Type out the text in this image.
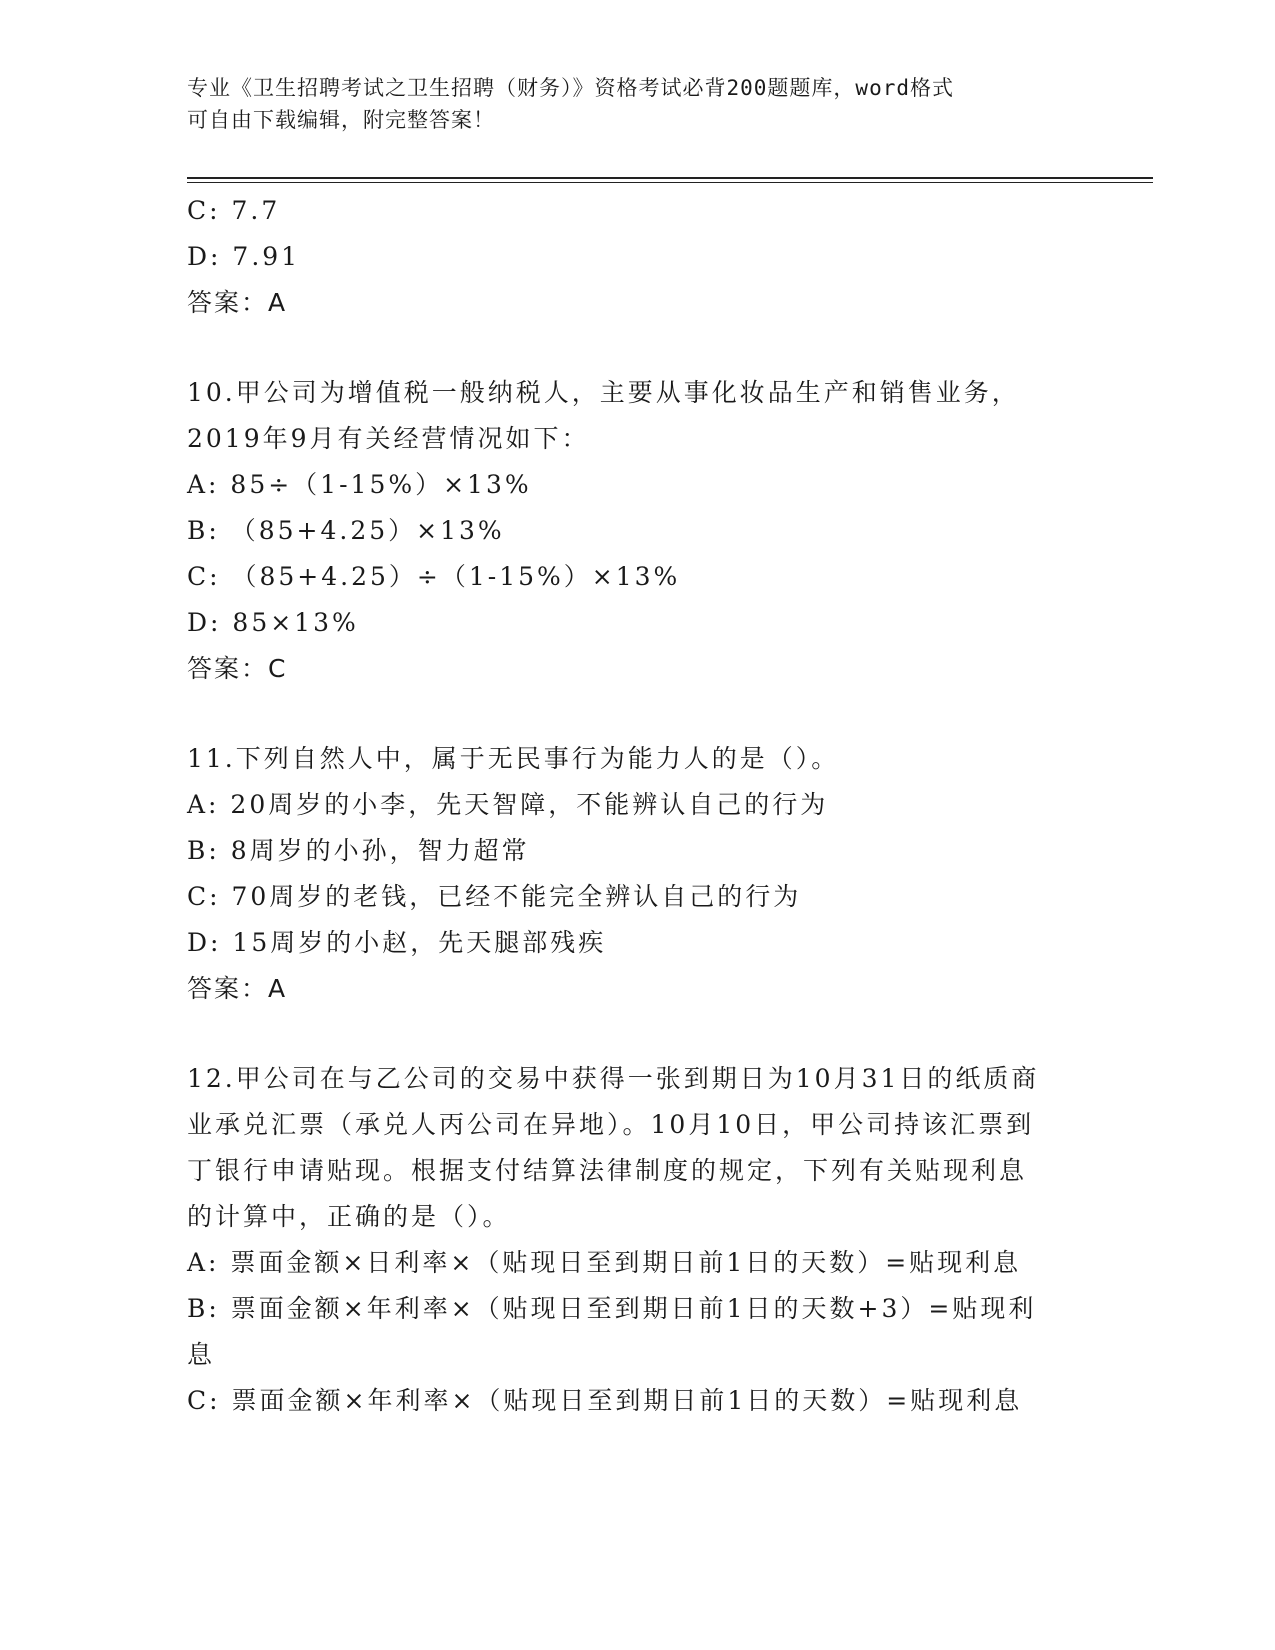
专业《卫生招聘考试之卫生招聘（财务）》资格考试必背200题题库，word格式
可自由下载编辑，附完整答案！
C: 7.7
D: 7.91
答案：A
10.甲公司为增值税一般纳税人，主要从事化妆品生产和销售业务，
2019年9月有关经营情况如下：
A: 85÷（1-15%）×13%
B: （85+4.25）×13%
C: （85+4.25）÷（1-15%）×13%
D: 85×13%
答案：C
11.下列自然人中，属于无民事行为能力人的是（）。
A: 20周岁的小李，先天智障，不能辨认自己的行为
B: 8周岁的小孙，智力超常
C: 70周岁的老钱，已经不能完全辨认自己的行为
D: 15周岁的小赵，先天腿部残疾
答案：A
12.甲公司在与乙公司的交易中获得一张到期日为10月31日的纸质商
业承兑汇票（承兑人丙公司在异地）。10月10日，甲公司持该汇票到
丁银行申请贴现。根据支付结算法律制度的规定，下列有关贴现利息
的计算中，正确的是（）。
A: 票面金额×日利率×（贴现日至到期日前1日的天数）=贴现利息
B: 票面金额×年利率×（贴现日至到期日前1日的天数+3）=贴现利
息
C: 票面金额×年利率×（贴现日至到期日前1日的天数）=贴现利息
